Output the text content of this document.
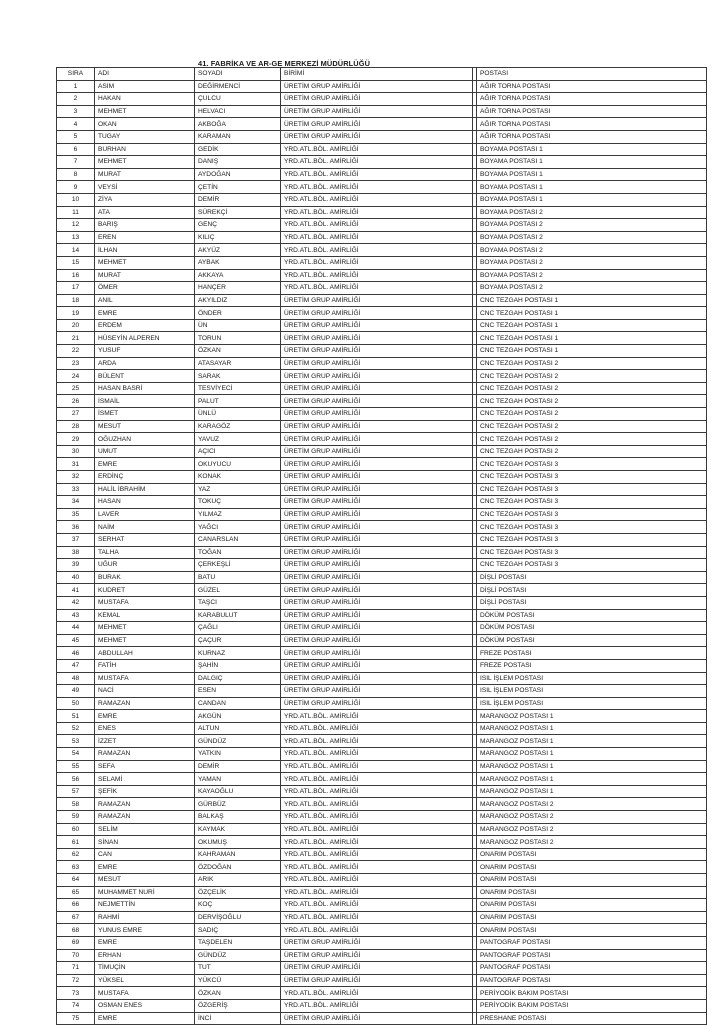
41. FABRİKA VE AR-GE MERKEZİ MÜDÜRLÜĞÜ
SIRA	ADI	SOYADI	BİRİMİ		POSTASI
1	ASIM	DEĞİRMENCİ	ÜRETİM GRUP AMİRLİĞİ		AĞIR TORNA POSTASI
2	HAKAN	ÇULCU	ÜRETİM GRUP AMİRLİĞİ		AĞIR TORNA POSTASI
3	MEHMET	HELVACI	ÜRETİM GRUP AMİRLİĞİ		AĞIR TORNA POSTASI
4	OKAN	AKBOĞA	ÜRETİM GRUP AMİRLİĞİ		AĞIR TORNA POSTASI
5	TUGAY	KARAMAN	ÜRETİM GRUP AMİRLİĞİ		AĞIR TORNA POSTASI
6	BURHAN	GEDİK	YRD.ATL.BÖL. AMİRLİĞİ		BOYAMA POSTASI 1
7	MEHMET	DANIŞ	YRD.ATL.BÖL. AMİRLİĞİ		BOYAMA POSTASI 1
8	MURAT	AYDOĞAN	YRD.ATL.BÖL. AMİRLİĞİ		BOYAMA POSTASI 1
9	VEYSİ	ÇETİN	YRD.ATL.BÖL. AMİRLİĞİ		BOYAMA POSTASI 1
10	ZİYA	DEMİR	YRD.ATL.BÖL. AMİRLİĞİ		BOYAMA POSTASI 1
11	ATA	SÜREKÇİ	YRD.ATL.BÖL. AMİRLİĞİ		BOYAMA POSTASI 2
12	BARIŞ	GENÇ	YRD.ATL.BÖL. AMİRLİĞİ		BOYAMA POSTASI 2
13	EREN	KILIÇ	YRD.ATL.BÖL. AMİRLİĞİ		BOYAMA POSTASI 2
14	İLHAN	AKYÜZ	YRD.ATL.BÖL. AMİRLİĞİ		BOYAMA POSTASI 2
15	MEHMET	AYBAK	YRD.ATL.BÖL. AMİRLİĞİ		BOYAMA POSTASI 2
16	MURAT	AKKAYA	YRD.ATL.BÖL. AMİRLİĞİ		BOYAMA POSTASI 2
17	ÖMER	HANÇER	YRD.ATL.BÖL. AMİRLİĞİ		BOYAMA POSTASI 2
18	ANIL	AKYILDIZ	ÜRETİM GRUP AMİRLİĞİ		CNC TEZGAH POSTASI 1
19	EMRE	ÖNDER	ÜRETİM GRUP AMİRLİĞİ		CNC TEZGAH POSTASI 1
20	ERDEM	ÜN	ÜRETİM GRUP AMİRLİĞİ		CNC TEZGAH POSTASI 1
21	HÜSEYİN ALPEREN	TORUN	ÜRETİM GRUP AMİRLİĞİ		CNC TEZGAH POSTASI 1
22	YUSUF	ÖZKAN	ÜRETİM GRUP AMİRLİĞİ		CNC TEZGAH POSTASI 1
23	ARDA	ATASAYAR	ÜRETİM GRUP AMİRLİĞİ		CNC TEZGAH POSTASI 2
24	BÜLENT	SARAK	ÜRETİM GRUP AMİRLİĞİ		CNC TEZGAH POSTASI 2
25	HASAN BASRİ	TESVİYECİ	ÜRETİM GRUP AMİRLİĞİ		CNC TEZGAH POSTASI 2
26	İSMAİL	PALUT	ÜRETİM GRUP AMİRLİĞİ		CNC TEZGAH POSTASI 2
27	İSMET	ÜNLÜ	ÜRETİM GRUP AMİRLİĞİ		CNC TEZGAH POSTASI 2
28	MESUT	KARAGÖZ	ÜRETİM GRUP AMİRLİĞİ		CNC TEZGAH POSTASI 2
29	OĞUZHAN	YAVUZ	ÜRETİM GRUP AMİRLİĞİ		CNC TEZGAH POSTASI 2
30	UMUT	AÇICI	ÜRETİM GRUP AMİRLİĞİ		CNC TEZGAH POSTASI 2
31	EMRE	OKUYUCU	ÜRETİM GRUP AMİRLİĞİ		CNC TEZGAH POSTASI 3
32	ERDİNÇ	KONAK	ÜRETİM GRUP AMİRLİĞİ		CNC TEZGAH POSTASI 3
33	HALİL İBRAHİM	YAZ	ÜRETİM GRUP AMİRLİĞİ		CNC TEZGAH POSTASI 3
34	HASAN	TOKUÇ	ÜRETİM GRUP AMİRLİĞİ		CNC TEZGAH POSTASI 3
35	LAVER	YILMAZ	ÜRETİM GRUP AMİRLİĞİ		CNC TEZGAH POSTASI 3
36	NAİM	YAĞCI	ÜRETİM GRUP AMİRLİĞİ		CNC TEZGAH POSTASI 3
37	SERHAT	CANARSLAN	ÜRETİM GRUP AMİRLİĞİ		CNC TEZGAH POSTASI 3
38	TALHA	TOĞAN	ÜRETİM GRUP AMİRLİĞİ		CNC TEZGAH POSTASI 3
39	UĞUR	ÇERKEŞLİ	ÜRETİM GRUP AMİRLİĞİ		CNC TEZGAH POSTASI 3
40	BURAK	BATU	ÜRETİM GRUP AMİRLİĞİ		DİŞLİ POSTASI
41	KUDRET	GÜZEL	ÜRETİM GRUP AMİRLİĞİ		DİŞLİ POSTASI
42	MUSTAFA	TAŞCI	ÜRETİM GRUP AMİRLİĞİ		DİŞLİ POSTASI
43	KEMAL	KARABULUT	ÜRETİM GRUP AMİRLİĞİ		DÖKÜM POSTASI
44	MEHMET	ÇAĞLI	ÜRETİM GRUP AMİRLİĞİ		DÖKÜM POSTASI
45	MEHMET	ÇAÇUR	ÜRETİM GRUP AMİRLİĞİ		DÖKÜM POSTASI
46	ABDULLAH	KURNAZ	ÜRETİM GRUP AMİRLİĞİ		FREZE POSTASI
47	FATİH	ŞAHİN	ÜRETİM GRUP AMİRLİĞİ		FREZE POSTASI
48	MUSTAFA	DALGIÇ	ÜRETİM GRUP AMİRLİĞİ		ISIL İŞLEM POSTASI
49	NACİ	ESEN	ÜRETİM GRUP AMİRLİĞİ		ISIL İŞLEM POSTASI
50	RAMAZAN	CANDAN	ÜRETİM GRUP AMİRLİĞİ		ISIL İŞLEM POSTASI
51	EMRE	AKGÜN	YRD.ATL.BÖL. AMİRLİĞİ		MARANGOZ POSTASI 1
52	ENES	ALTUN	YRD.ATL.BÖL. AMİRLİĞİ		MARANGOZ POSTASI 1
53	İZZET	GÜNDÜZ	YRD.ATL.BÖL. AMİRLİĞİ		MARANGOZ POSTASI 1
54	RAMAZAN	YATKIN	YRD.ATL.BÖL. AMİRLİĞİ		MARANGOZ POSTASI 1
55	SEFA	DEMİR	YRD.ATL.BÖL. AMİRLİĞİ		MARANGOZ POSTASI 1
56	SELAMİ	YAMAN	YRD.ATL.BÖL. AMİRLİĞİ		MARANGOZ POSTASI 1
57	ŞEFİK	KAYAOĞLU	YRD.ATL.BÖL. AMİRLİĞİ		MARANGOZ POSTASI 1
58	RAMAZAN	GÜRBÜZ	YRD.ATL.BÖL. AMİRLİĞİ		MARANGOZ POSTASI 2
59	RAMAZAN	BALKAŞ	YRD.ATL.BÖL. AMİRLİĞİ		MARANGOZ POSTASI 2
60	SELİM	KAYMAK	YRD.ATL.BÖL. AMİRLİĞİ		MARANGOZ POSTASI 2
61	SİNAN	OKUMUŞ	YRD.ATL.BÖL. AMİRLİĞİ		MARANGOZ POSTASI 2
62	CAN	KAHRAMAN	YRD.ATL.BÖL. AMİRLİĞİ		ONARIM POSTASI
63	EMRE	ÖZDOĞAN	YRD.ATL.BÖL. AMİRLİĞİ		ONARIM POSTASI
64	MESUT	ARIK	YRD.ATL.BÖL. AMİRLİĞİ		ONARIM POSTASI
65	MUHAMMET NURİ	ÖZÇELİK	YRD.ATL.BÖL. AMİRLİĞİ		ONARIM POSTASI
66	NEJMETTİN	KOÇ	YRD.ATL.BÖL. AMİRLİĞİ		ONARIM POSTASI
67	RAHMİ	DERVİŞOĞLU	YRD.ATL.BÖL. AMİRLİĞİ		ONARIM POSTASI
68	YUNUS EMRE	SADIÇ	YRD.ATL.BÖL. AMİRLİĞİ		ONARIM POSTASI
69	EMRE	TAŞDELEN	ÜRETİM GRUP AMİRLİĞİ		PANTOGRAF POSTASI
70	ERHAN	GÜNDÜZ	ÜRETİM GRUP AMİRLİĞİ		PANTOGRAF POSTASI
71	TİMUÇİN	TUT	ÜRETİM GRUP AMİRLİĞİ		PANTOGRAF POSTASI
72	YÜKSEL	YÜKCÜ	ÜRETİM GRUP AMİRLİĞİ		PANTOGRAF POSTASI
73	MUSTAFA	ÖZKAN	YRD.ATL.BÖL. AMİRLİĞİ		PERİYODİK BAKIM POSTASI
74	OSMAN ENES	ÖZGERİŞ	YRD.ATL.BÖL. AMİRLİĞİ		PERİYODİK BAKIM POSTASI
75	EMRE	İNCİ	ÜRETİM GRUP AMİRLİĞİ		PRESHANE POSTASI
